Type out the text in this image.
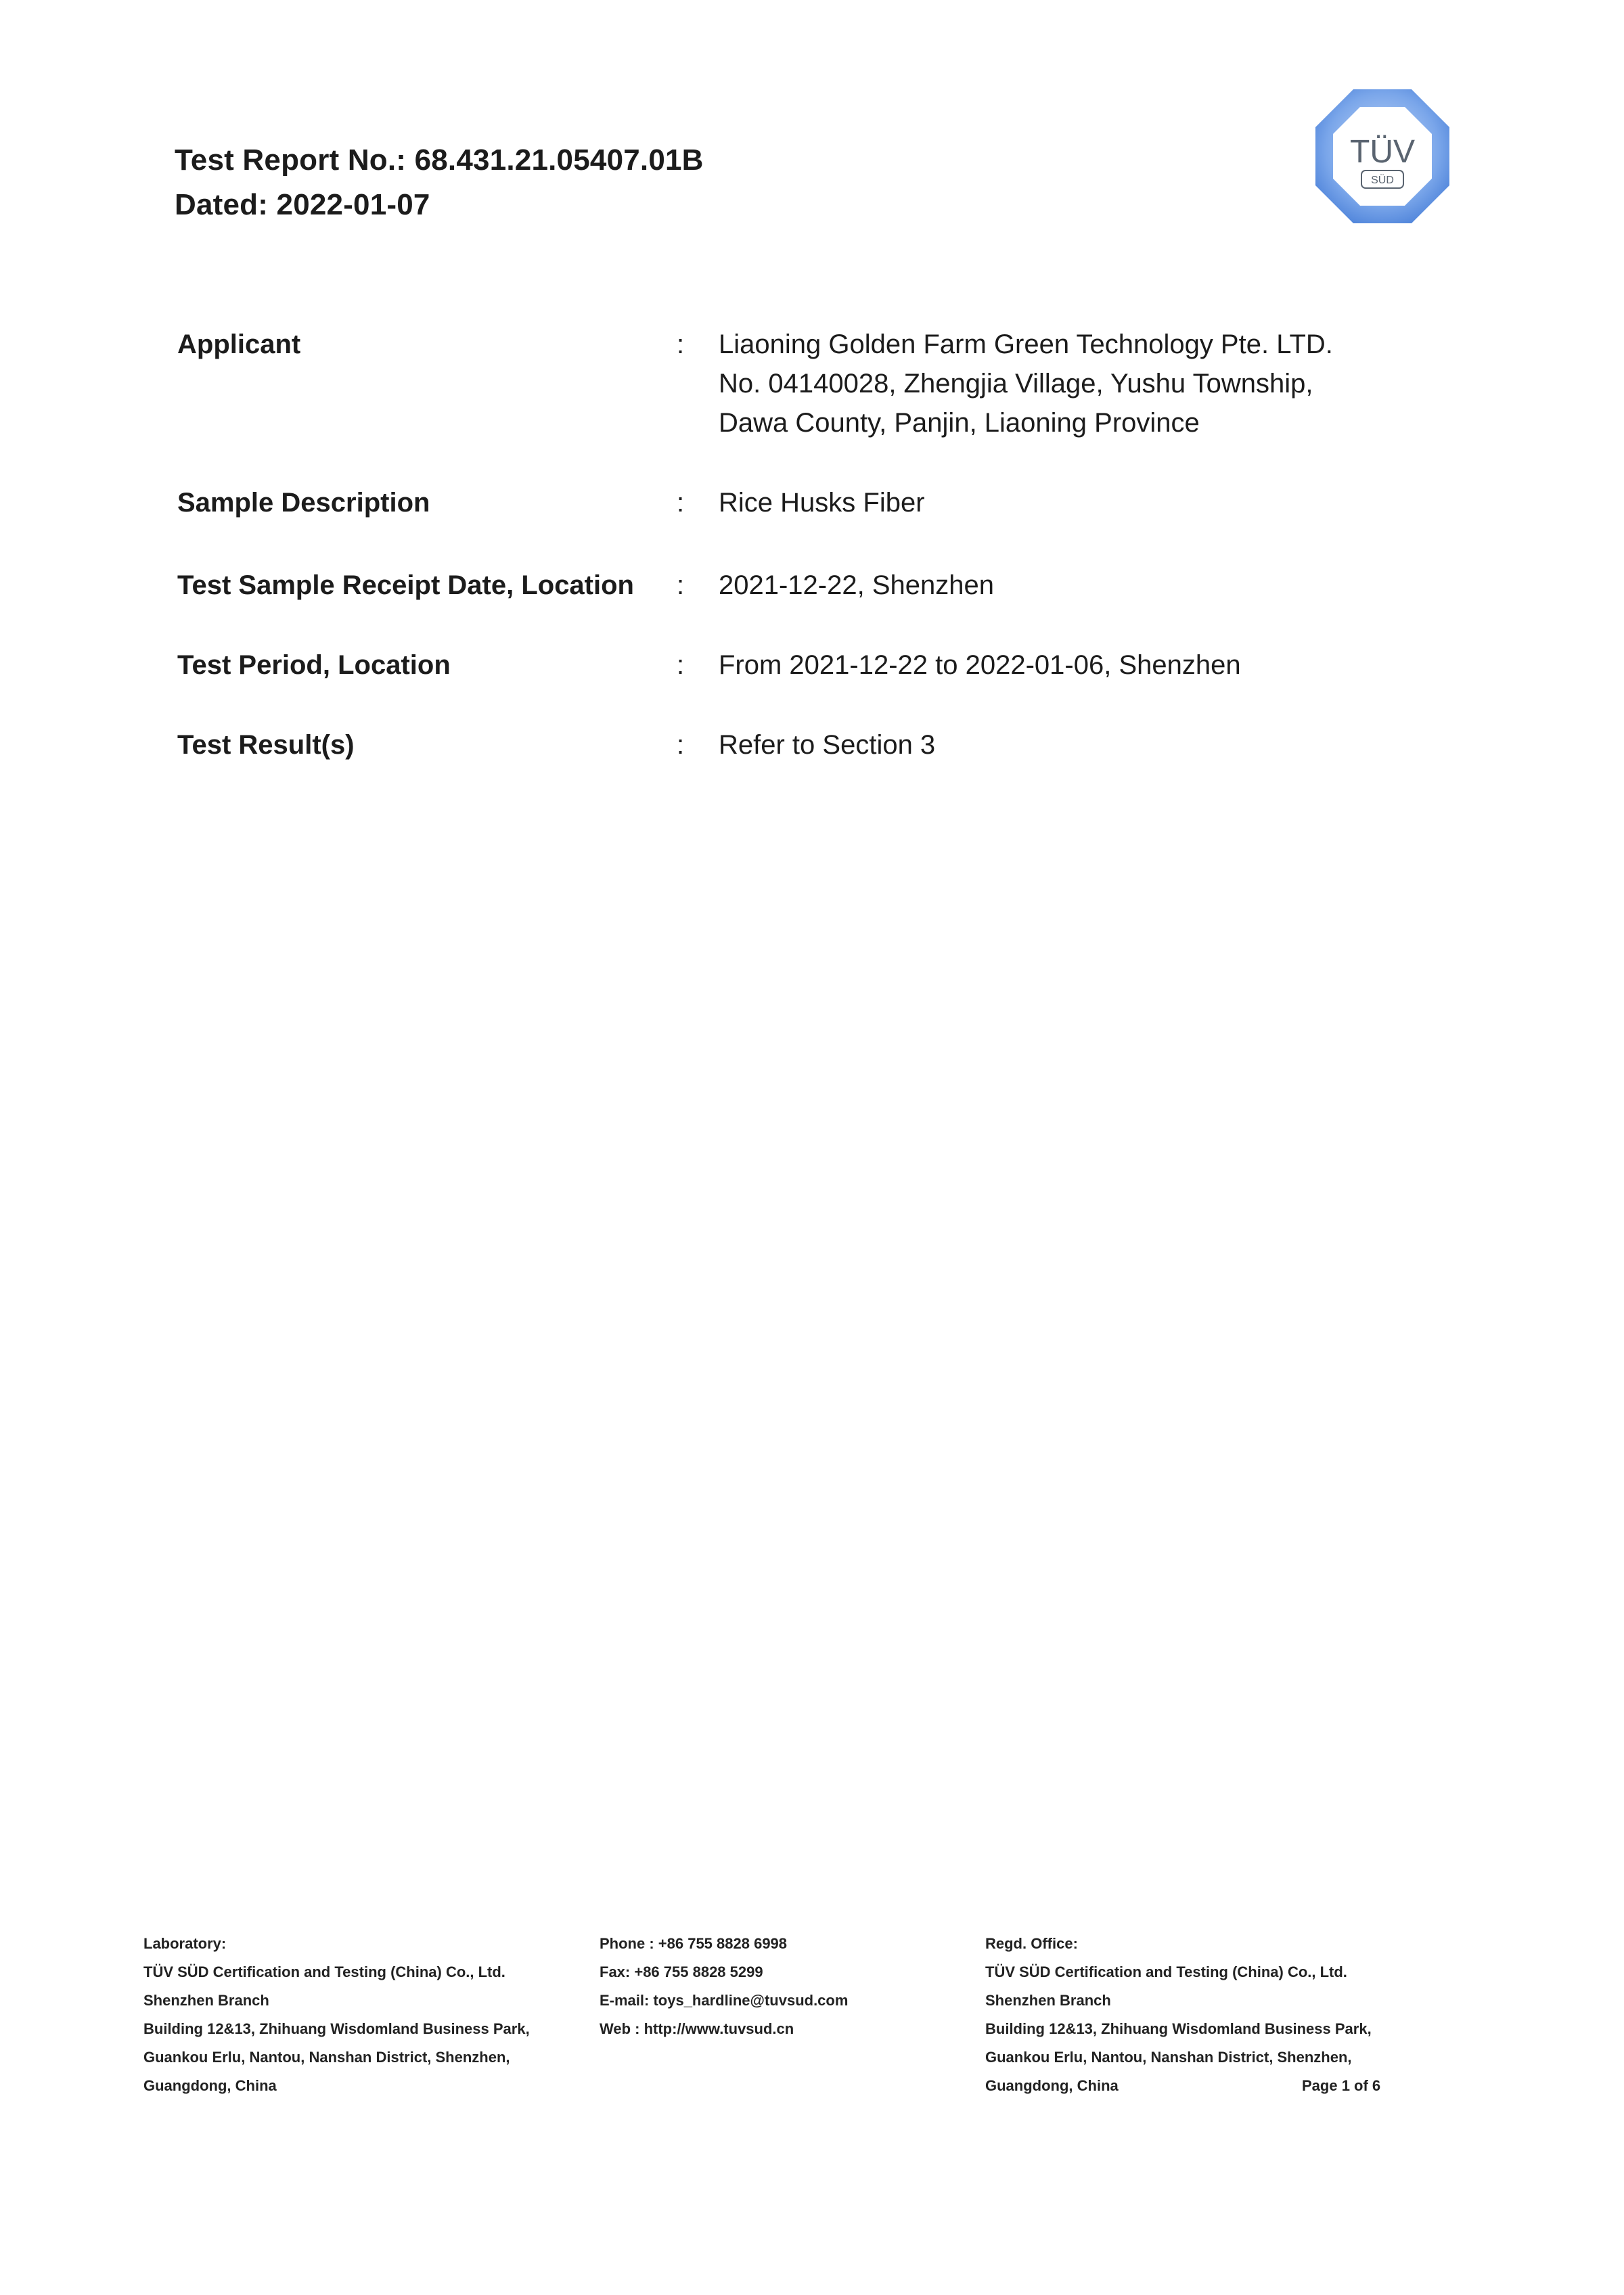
Test Report No.: 68.431.21.05407.01B
Dated: 2022-01-07
TÜV
SÜD
Applicant	:	Liaoning Golden Farm Green Technology Pte. LTD.
No. 04140028, Zhengjia Village, Yushu Township,
Dawa County, Panjin, Liaoning Province
Sample Description	:	Rice Husks Fiber
Test Sample Receipt Date, Location	:	2021-12-22, Shenzhen
Test Period, Location	:	From 2021-12-22 to 2022-01-06, Shenzhen
Test Result(s)	:	Refer to Section 3
Laboratory:
TÜV SÜD Certification and Testing (China) Co., Ltd.
Shenzhen Branch
Building 12&13, Zhihuang Wisdomland Business Park,
Guankou Erlu, Nantou, Nanshan District, Shenzhen,
Guangdong, China
Phone : +86 755 8828 6998
Fax: +86 755 8828 5299
E-mail: toys_hardline@tuvsud.com
Web : http://www.tuvsud.cn
Regd. Office:
TÜV SÜD Certification and Testing (China) Co., Ltd.
Shenzhen Branch
Building 12&13, Zhihuang Wisdomland Business Park,
Guankou Erlu, Nantou, Nanshan District, Shenzhen,
Guangdong, China	Page 1 of 6
